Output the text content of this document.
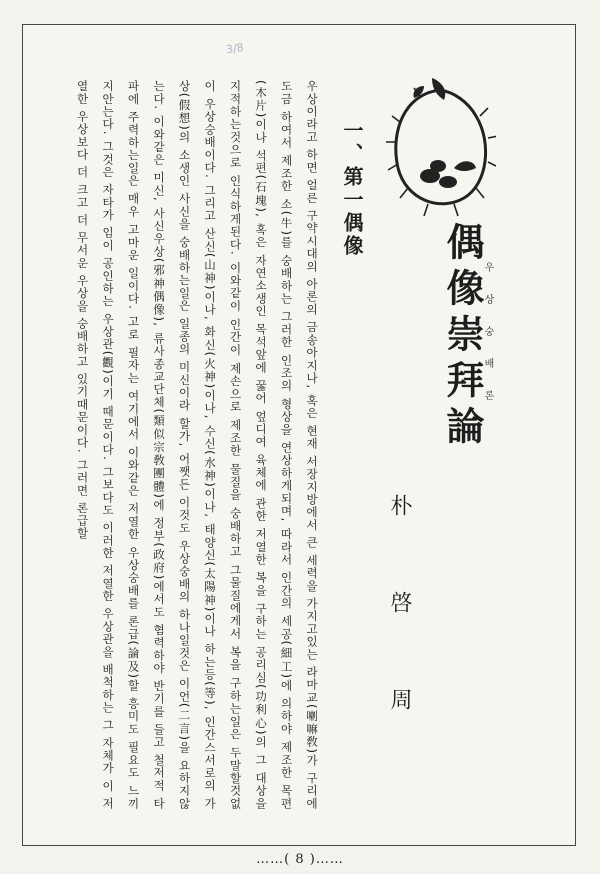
3/8
偶像崇拜論
우상숭배론
朴 啓 周
一、第一偶像
우상이라고 하면 얼른 구약시대의 아론의 금송아지나, 혹은 현재 서장지방에서 큰 세력을 가지고있는 라마교(喇嘛敎)가 구리에 도금 하여서 제조한 소(牛)를 숭배하는 그러한 인조의 형상을 연상하게되며, 따라서 인간의 세공(細工)에 의하야 제조한 목편(木片)이나 석편(石塊), 혹은 자연소생인 목석앞에 꿇어 엎디여 육체에 관한 저열한 복을 구하는 공리심(功利心)의 그 대상을 지적하는것으로 인식하게된다. 이와같이 인간이 제손으로 제조한 물질을 숭배하고 그물질에게서 복을 구하는일은 두말할것없이 우상숭배이다. 그리고 산신(山神)이나, 화신(火神)이나, 수신(水神)이나, 태양신(太陽神)이나 하는등(等), 인간스서로의 가상(假想)의 소생인 사신을 숭배하는일은 일종의 미신이라 할가, 어쨋든 이것도 우상숭배의 하나일것은 이언(二言)을 요하지않는다. 이와같은 미신, 사신우상(邪神偶像), 류사종교단체(類似宗敎團體)에 정부(政府)에서도 혐력하야 반기를 들고 철저적 타파에 주력하는일은 매우 고마운 일이다. 고로 필자는 여기에서 이와같은 저열한 우상숭배를 론급(論及)할 흥미도 필요도 느끼지안는다. 그것은 자타가 임이 공인하는 우상관(觀)이기 때문이다. 그보다도 이러한 저열한 우상관을 배척하는 그 자체가 이 저열한 우상보다 더 크고 더 무서운 우상을 숭배하고 있기때문이다. 그러면 론급할
……( 8 )……
